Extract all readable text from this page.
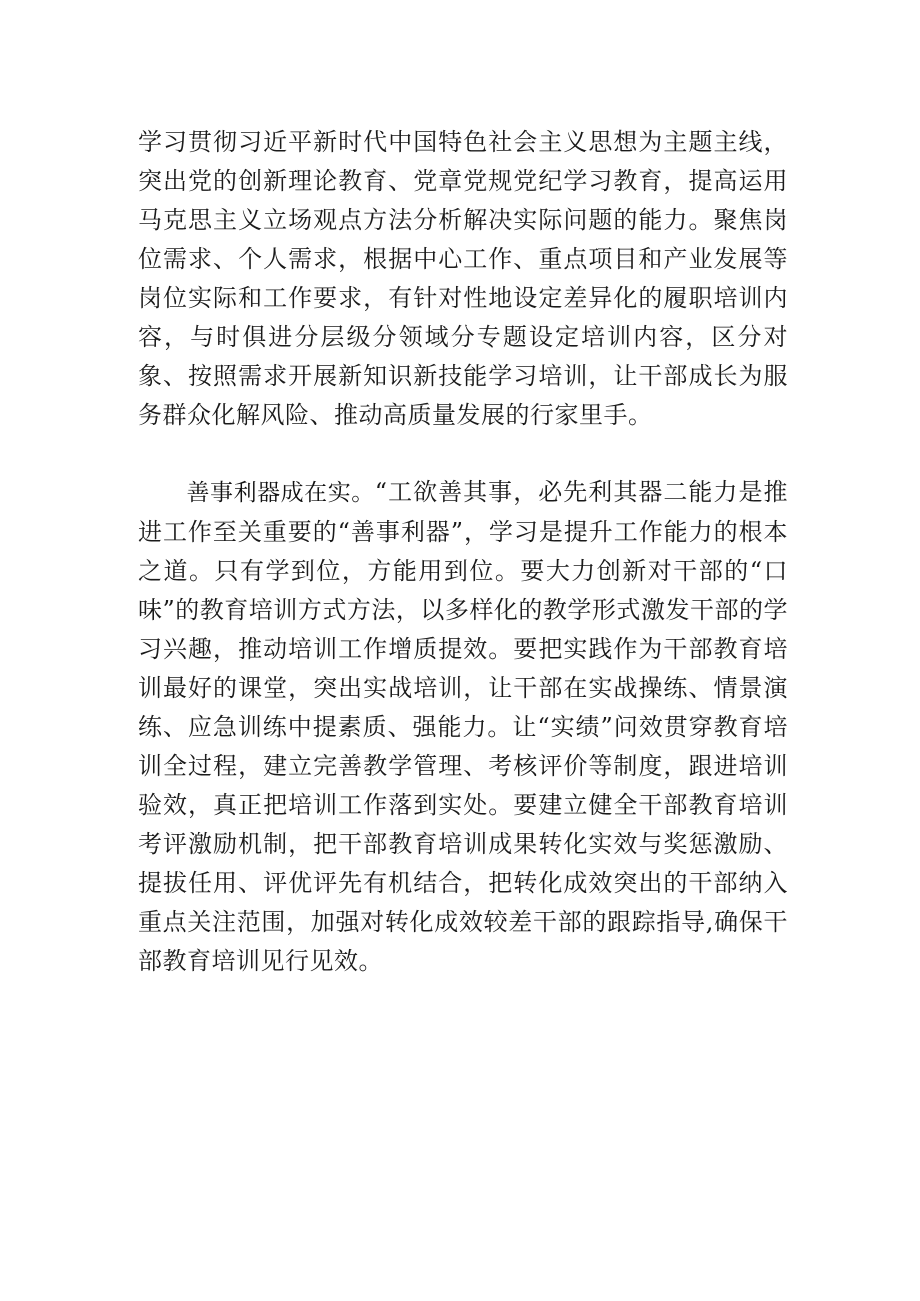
学习贯彻习近平新时代中国特色社会主义思想为主题主线，突出党的创新理论教育、党章党规党纪学习教育，提高运用马克思主义立场观点方法分析解决实际问题的能力。聚焦岗位需求、个人需求，根据中心工作、重点项目和产业发展等岗位实际和工作要求，有针对性地设定差异化的履职培训内容，与时俱进分层级分领域分专题设定培训内容，区分对象、按照需求开展新知识新技能学习培训，让干部成长为服务群众化解风险、推动高质量发展的行家里手。
善事利器成在实。“工欲善其事，必先利其器二能力是推进工作至关重要的“善事利器”，学习是提升工作能力的根本之道。只有学到位，方能用到位。要大力创新对干部的“口味”的教育培训方式方法，以多样化的教学形式激发干部的学习兴趣，推动培训工作增质提效。要把实践作为干部教育培训最好的课堂，突出实战培训，让干部在实战操练、情景演练、应急训练中提素质、强能力。让“实绩”问效贯穿教育培训全过程，建立完善教学管理、考核评价等制度，跟进培训验效，真正把培训工作落到实处。要建立健全干部教育培训考评激励机制，把干部教育培训成果转化实效与奖惩激励、提拔任用、评优评先有机结合，把转化成效突出的干部纳入重点关注范围，加强对转化成效较差干部的跟踪指导,确保干部教育培训见行见效。
